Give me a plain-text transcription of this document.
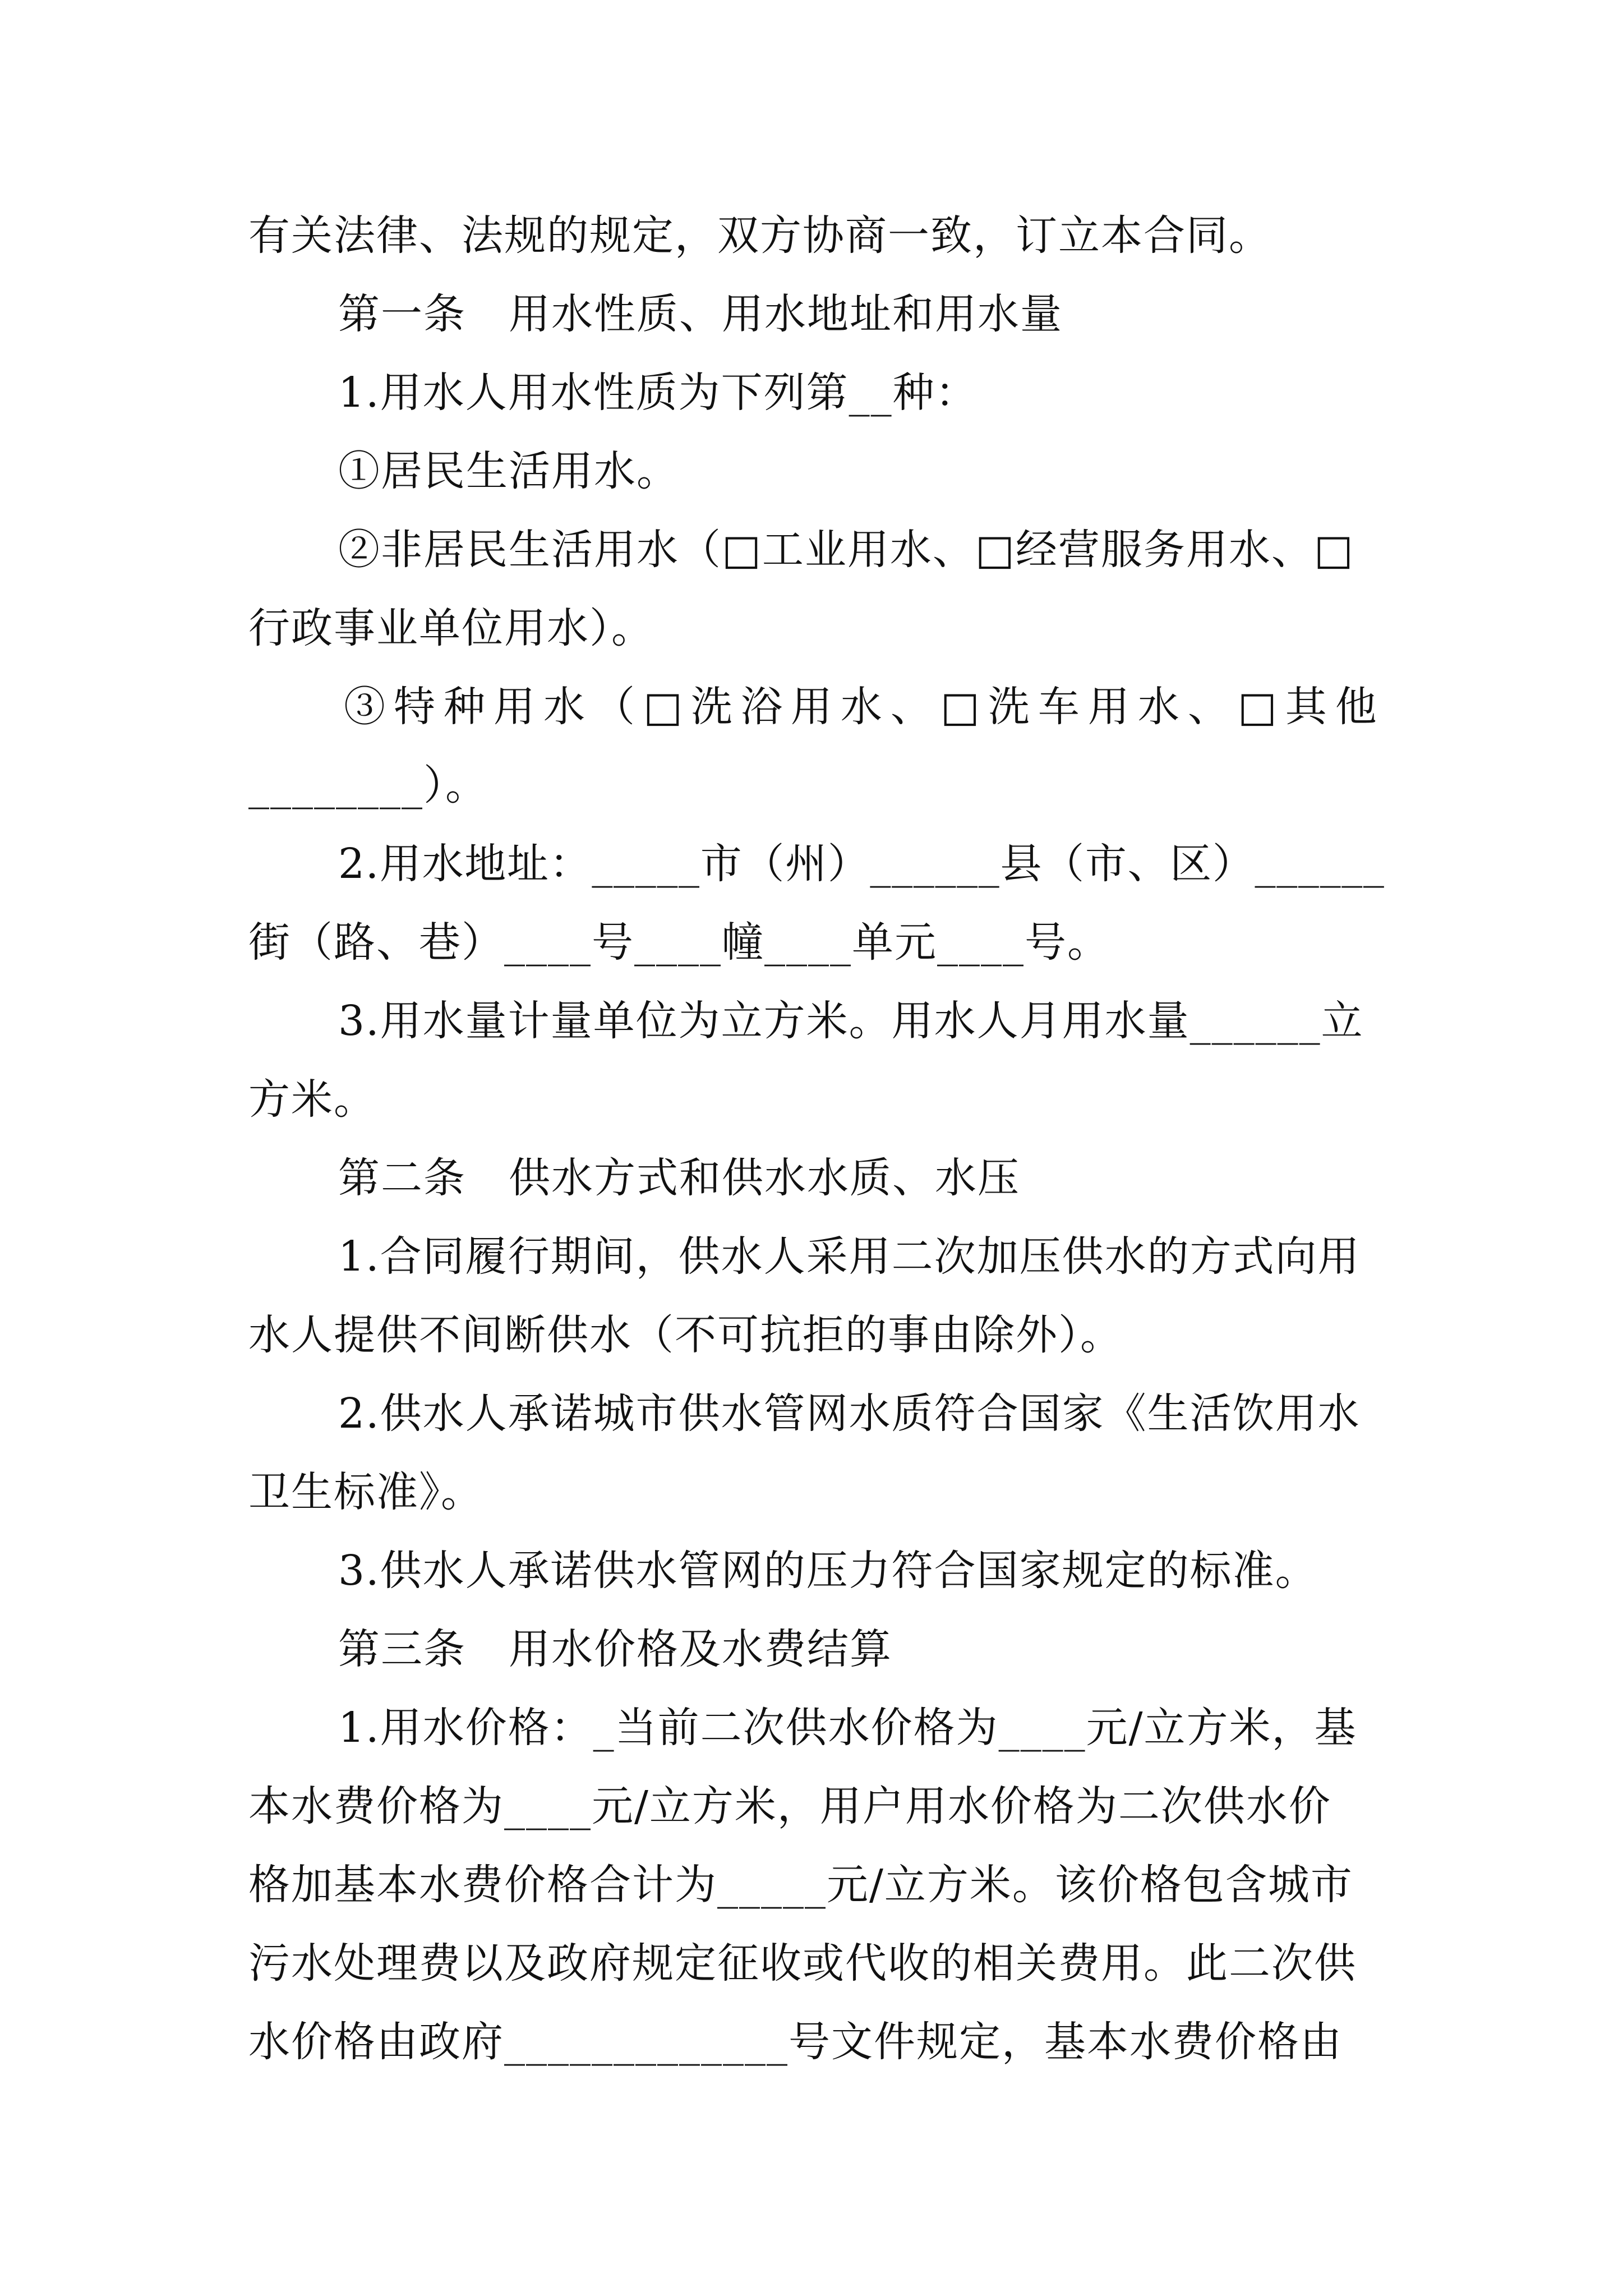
有关法律、法规的规定，双方协商一致，订立本合同。
第一条　用水性质、用水地址和用水量
1.用水人用水性质为下列第__种：
①居民生活用水。
②非居民生活用水（□工业用水、□经营服务用水、□
行政事业单位用水）。
③特种用水（□洗浴用水、□洗车用水、□其他
________）。
2.用水地址：_____市（州）______县（市、区）______
街（路、巷）____号____幢____单元____号。
3.用水量计量单位为立方米。用水人月用水量______立
方米。
第二条　供水方式和供水水质、水压
1.合同履行期间，供水人采用二次加压供水的方式向用
水人提供不间断供水（不可抗拒的事由除外）。
2.供水人承诺城市供水管网水质符合国家《生活饮用水
卫生标准》。
3.供水人承诺供水管网的压力符合国家规定的标准。
第三条　用水价格及水费结算
1.用水价格：_当前二次供水价格为____元/立方米，基
本水费价格为____元/立方米，用户用水价格为二次供水价
格加基本水费价格合计为_____元/立方米。该价格包含城市
污水处理费以及政府规定征收或代收的相关费用。此二次供
水价格由政府_____________号文件规定，基本水费价格由
